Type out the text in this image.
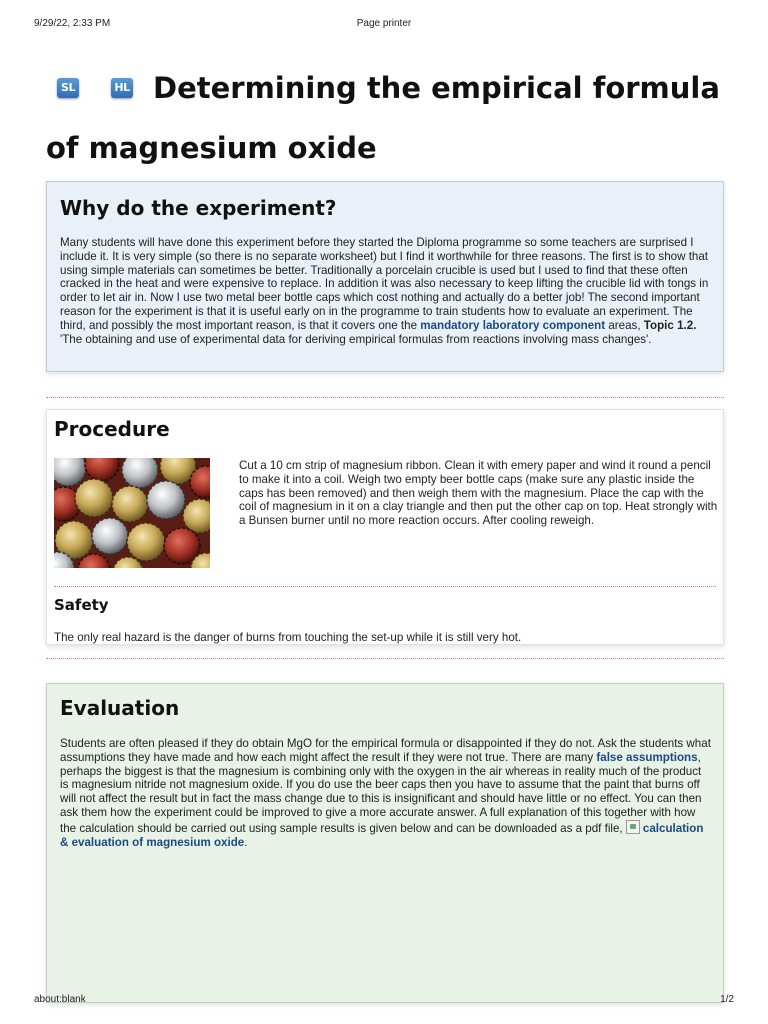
9/29/22, 2:33 PM	Page printer
SL	HL Determining the empirical formula of magnesium oxide
Why do the experiment?

Many students will have done this experiment before they started the Diploma programme so some teachers are surprised I include it. It is very simple (so there is no separate worksheet) but I find it worthwhile for three reasons. The first is to show that using simple materials can sometimes be better. Traditionally a porcelain crucible is used but I used to find that these often cracked in the heat and were expensive to replace. In addition it was also necessary to keep lifting the crucible lid with tongs in order to let air in. Now I use two metal beer bottle caps which cost nothing and actually do a better job! The second important reason for the experiment is that it is useful early on in the programme to train students how to evaluate an experiment. The third, and possibly the most important reason, is that it covers one the mandatory laboratory component areas, Topic 1.2. 'The obtaining and use of experimental data for deriving empirical formulas from reactions involving mass changes'.

Procedure

Cut a 10 cm strip of magnesium ribbon. Clean it with emery paper and wind it round a pencil to make it into a coil. Weigh two empty beer bottle caps (make sure any plastic inside the caps has been removed) and then weigh them with the magnesium. Place the cap with the coil of magnesium in it on a clay triangle and then put the other cap on top. Heat strongly with a Bunsen burner until no more reaction occurs. After cooling reweigh.

Safety

The only real hazard is the danger of burns from touching the set-up while it is still very hot.

Evaluation

Students are often pleased if they do obtain MgO for the empirical formula or disappointed if they do not. Ask the students what assumptions they have made and how each might affect the result if they were not true. There are many false assumptions, perhaps the biggest is that the magnesium is combining only with the oxygen in the air whereas in reality much of the product is magnesium nitride not magnesium oxide. If you do use the beer caps then you have to assume that the paint that burns off will not affect the result but in fact the mass change due to this is insignificant and should have little or no effect. You can then ask them how the experiment could be improved to give a more accurate answer. A full explanation of this together with how the calculation should be carried out using sample results is given below and can be downloaded as a pdf file, calculation & evaluation of magnesium oxide.

about:blank	1/2
